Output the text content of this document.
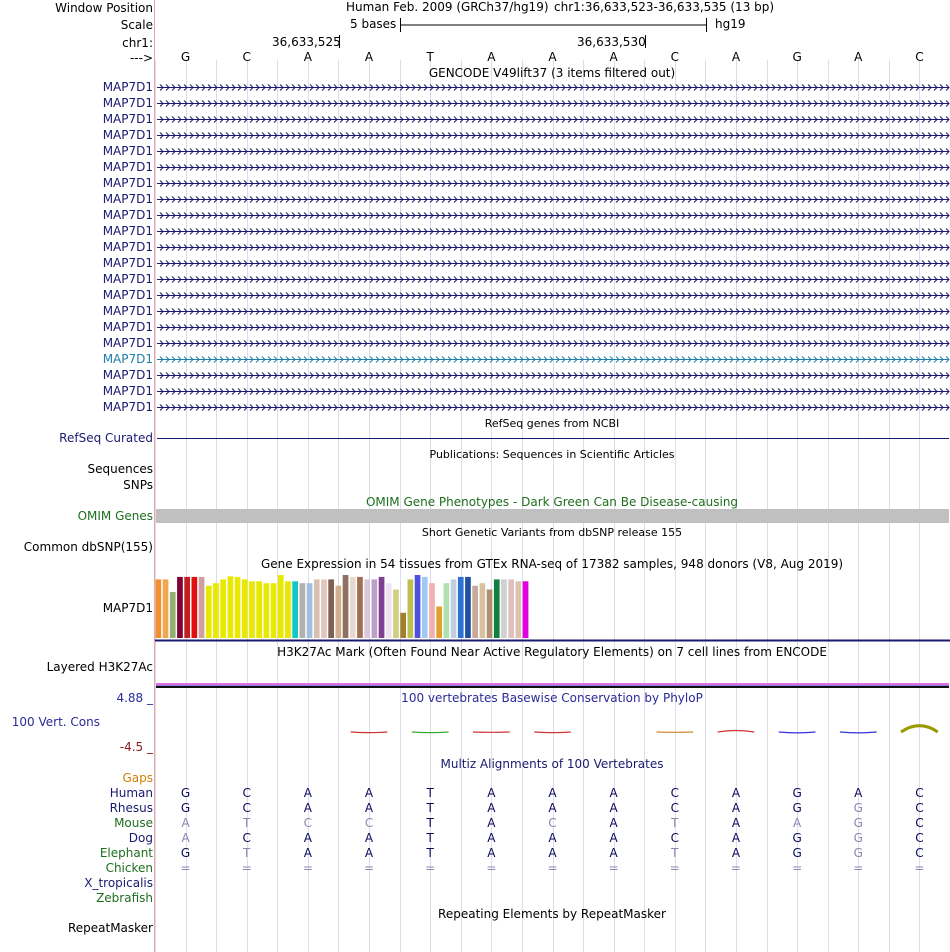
Window Position
Scale
chr1:
--->
Human Feb. 2009 (GRCh37/hg19) chr1:36,633,523-36,633,535 (13 bp)
5 bases	hg19
36,633,525	36,633,530
G	C	A	A	T	A	A	A	C	A	G	A	C
GENCODE V49lift37 (3 items filtered out)
MAP7D1
MAP7D1
MAP7D1
MAP7D1
MAP7D1
MAP7D1
MAP7D1
MAP7D1
MAP7D1
MAP7D1
MAP7D1
MAP7D1
MAP7D1
MAP7D1
MAP7D1
MAP7D1
MAP7D1
MAP7D1
MAP7D1
MAP7D1
MAP7D1
RefSeq genes from NCBI
RefSeq Curated
Publications: Sequences in Scientific Articles
Sequences
SNPs
OMIM Gene Phenotypes - Dark Green Can Be Disease-causing
OMIM Genes
Short Genetic Variants from dbSNP release 155
Common dbSNP(155)
Gene Expression in 54 tissues from GTEx RNA-seq of 17382 samples, 948 donors (V8, Aug 2019)
MAP7D1
H3K27Ac Mark (Often Found Near Active Regulatory Elements) on 7 cell lines from ENCODE
Layered H3K27Ac
100 vertebrates Basewise Conservation by PhyloP
4.88 _
100 Vert. Cons
-4.5 _
Multiz Alignments of 100 Vertebrates
Gaps
Human	G	C	A	A	T	A	A	A	C	A	G	A	C
Rhesus	G	C	A	A	T	A	A	A	C	A	G	G	C
Mouse	A	T	C	C	T	A	C	A	T	A	A	G	C
Dog	A	C	A	A	T	A	A	A	C	A	G	G	C
Elephant	G	T	A	A	T	A	A	A	T	A	G	G	C
Chicken	=	=	=	=	=	=	=	=	=	=	=	=	=
X_tropicalis
Zebrafish
Repeating Elements by RepeatMasker
RepeatMasker
